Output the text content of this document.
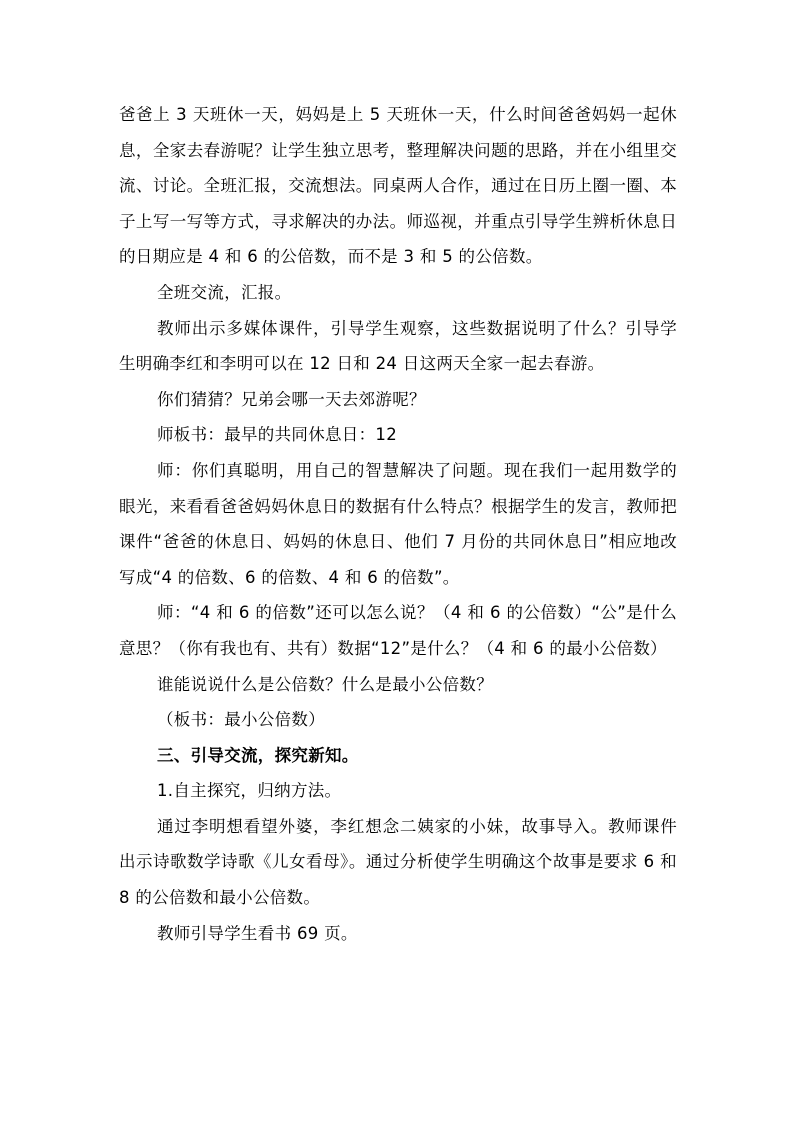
爸爸上 3 天班休一天，妈妈是上 5 天班休一天，什么时间爸爸妈妈一起休息，全家去春游呢？让学生独立思考，整理解决问题的思路，并在小组里交流、讨论。全班汇报，交流想法。同桌两人合作，通过在日历上圈一圈、本子上写一写等方式，寻求解决的办法。师巡视，并重点引导学生辨析休息日的日期应是 4 和 6 的公倍数，而不是 3 和 5 的公倍数。

全班交流，汇报。

教师出示多媒体课件，引导学生观察，这些数据说明了什么？引导学生明确李红和李明可以在 12 日和 24 日这两天全家一起去春游。

你们猜猜？兄弟会哪一天去郊游呢？

师板书：最早的共同休息日：12

师：你们真聪明，用自己的智慧解决了问题。现在我们一起用数学的眼光，来看看爸爸妈妈休息日的数据有什么特点？根据学生的发言，教师把课件“爸爸的休息日、妈妈的休息日、他们 7 月份的共同休息日”相应地改写成“4 的倍数、6 的倍数、4 和 6 的倍数”。

师：“4 和 6 的倍数”还可以怎么说？（4 和 6 的公倍数）“公”是什么意思？（你有我也有、共有）数据“12”是什么？（4 和 6 的最小公倍数）

谁能说说什么是公倍数？什么是最小公倍数？

（板书：最小公倍数）

三、引导交流，探究新知。

1.自主探究，归纳方法。

通过李明想看望外婆，李红想念二姨家的小妹，故事导入。教师课件出示诗歌数学诗歌《儿女看母》。通过分析使学生明确这个故事是要求 6 和 8 的公倍数和最小公倍数。

教师引导学生看书 69 页。
